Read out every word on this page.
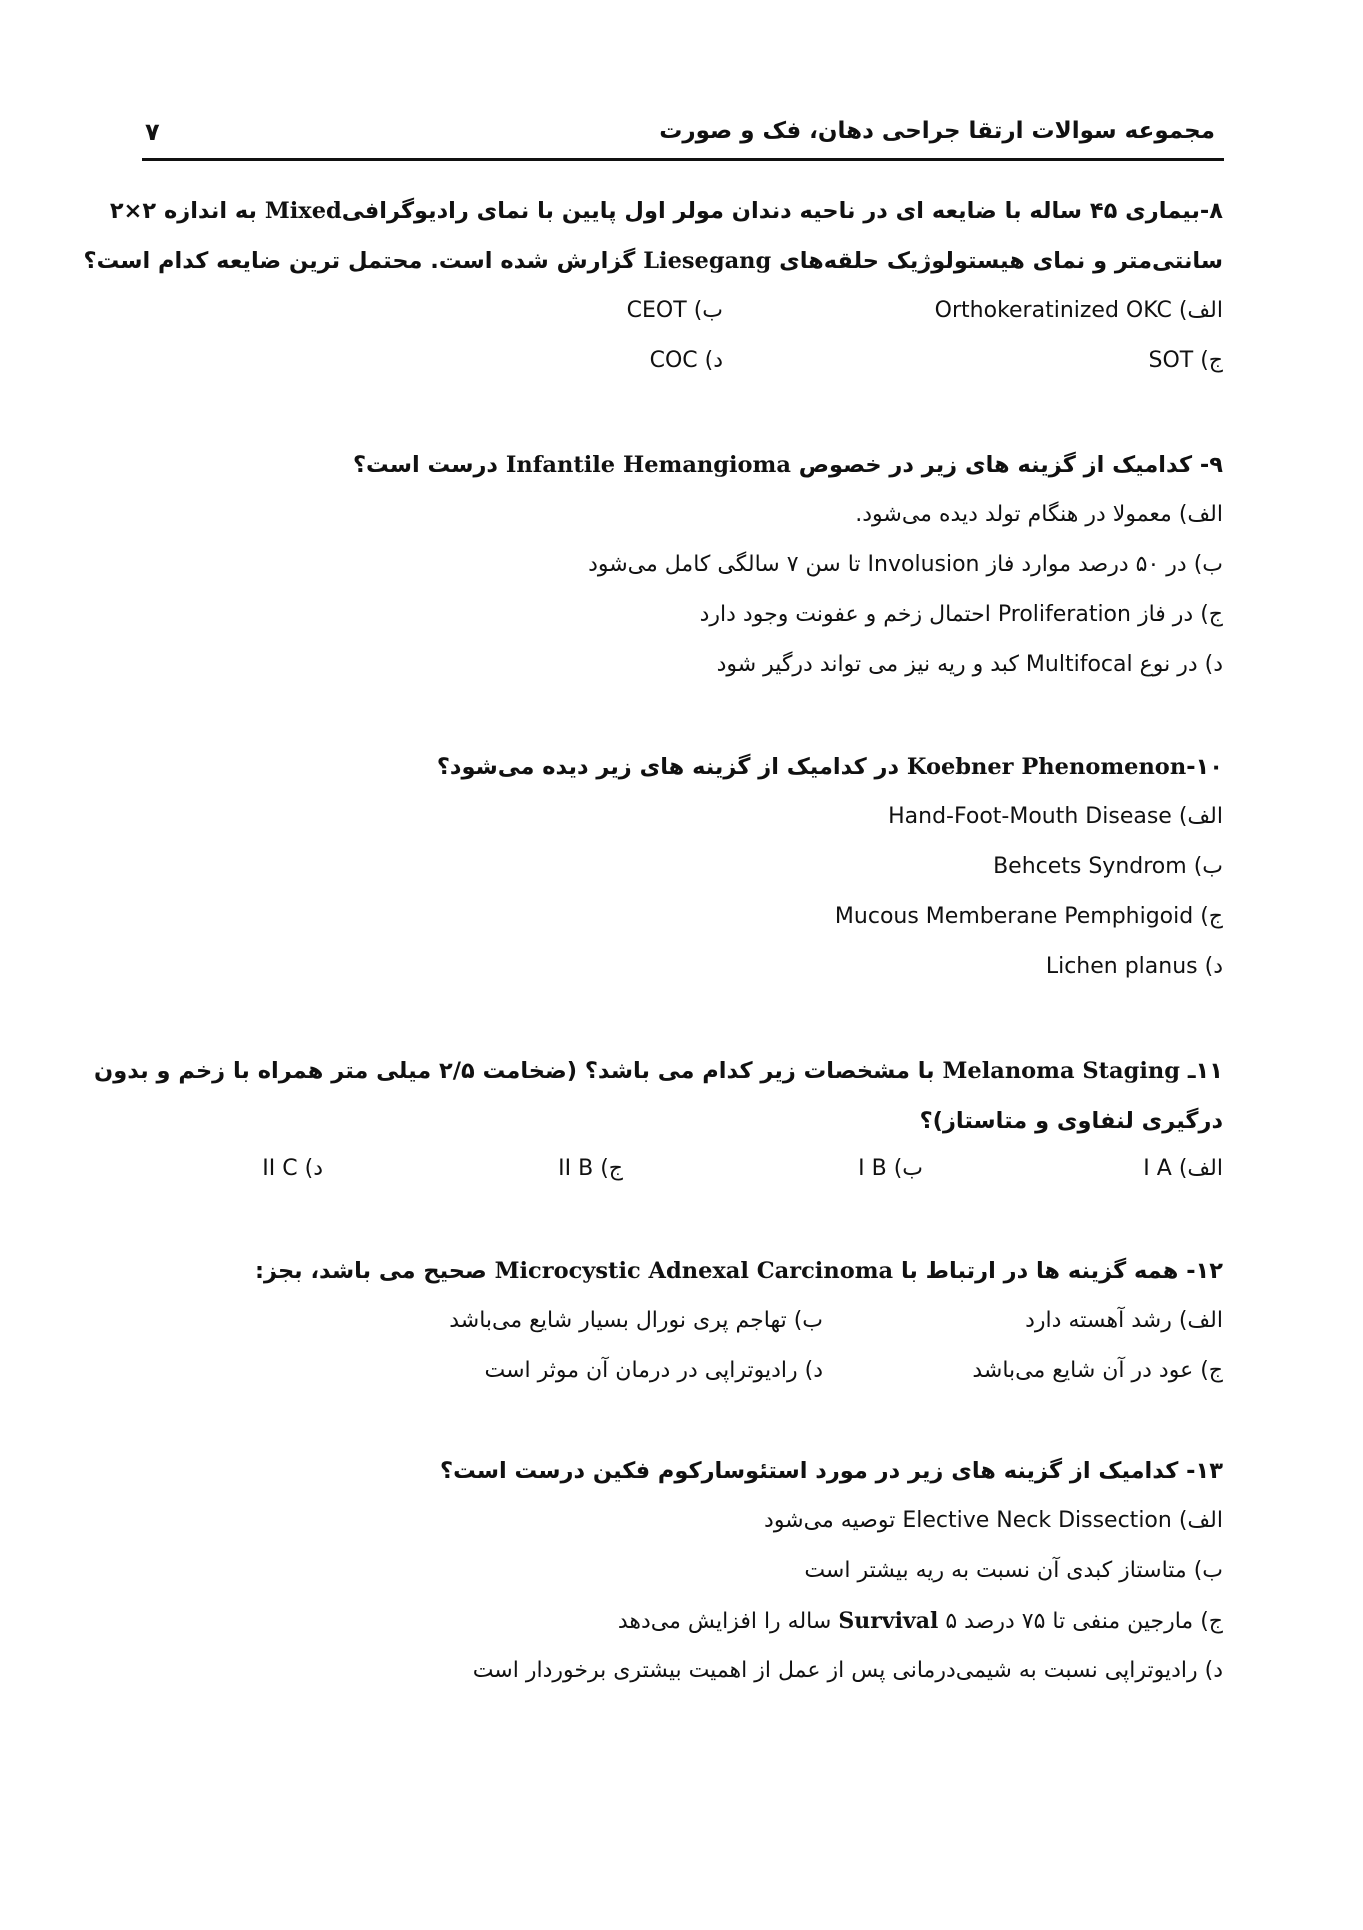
مجموعه سوالات ارتقا جراحی دهان، فک و صورت
۷
۸-بیماری ۴۵ ساله با ضایعه ای در ناحیه دندان مولر اول پایین با نمای رادیوگرافیMixed به اندازه ۲×۲
سانتی‌متر و نمای هیستولوژیک حلقه‌های Liesegang گزارش شده است. محتمل ترین ضایعه کدام است؟
الف) Orthokeratinized OKC
ب) CEOT
ج) SOT
د) COC
۹- کدامیک از گزینه های زیر در خصوص Infantile Hemangioma درست است؟
الف) معمولا در هنگام تولد دیده می‌شود.
ب) در ۵۰ درصد موارد فاز Involusion تا سن ۷ سالگی کامل می‌شود
ج) در فاز Proliferation احتمال زخم و عفونت وجود دارد
د) در نوع Multifocal کبد و ریه نیز می تواند درگیر شود
۱۰-Koebner Phenomenon در کدامیک از گزینه های زیر دیده می‌شود؟
الف) Hand-Foot-Mouth Disease
ب) Behcets Syndrom
ج) Mucous Memberane Pemphigoid
د) Lichen planus
۱۱ـ Melanoma Staging با مشخصات زیر کدام می باشد؟ (ضخامت ۲/۵ میلی متر همراه با زخم و بدون
درگیری لنفاوی و متاستاز)؟
الف) I A
ب) I B
ج) II B
د) II C
۱۲- همه گزینه ها در ارتباط با Microcystic Adnexal Carcinoma صحیح می باشد، بجز:
الف) رشد آهسته دارد
ب) تهاجم پری نورال بسیار شایع می‌باشد
ج) عود در آن شایع می‌باشد
د) رادیوتراپی در درمان آن موثر است
۱۳- کدامیک از گزینه های زیر در مورد استئوسارکوم فکین درست است؟
الف) Elective Neck Dissection توصیه می‌شود
ب) متاستاز کبدی آن نسبت به ریه بیشتر است
ج) مارجین منفی تا ۷۵ درصد Survival ۵ ساله را افزایش می‌دهد
د) رادیوتراپی نسبت به شیمی‌درمانی پس از عمل از اهمیت بیشتری برخوردار است
